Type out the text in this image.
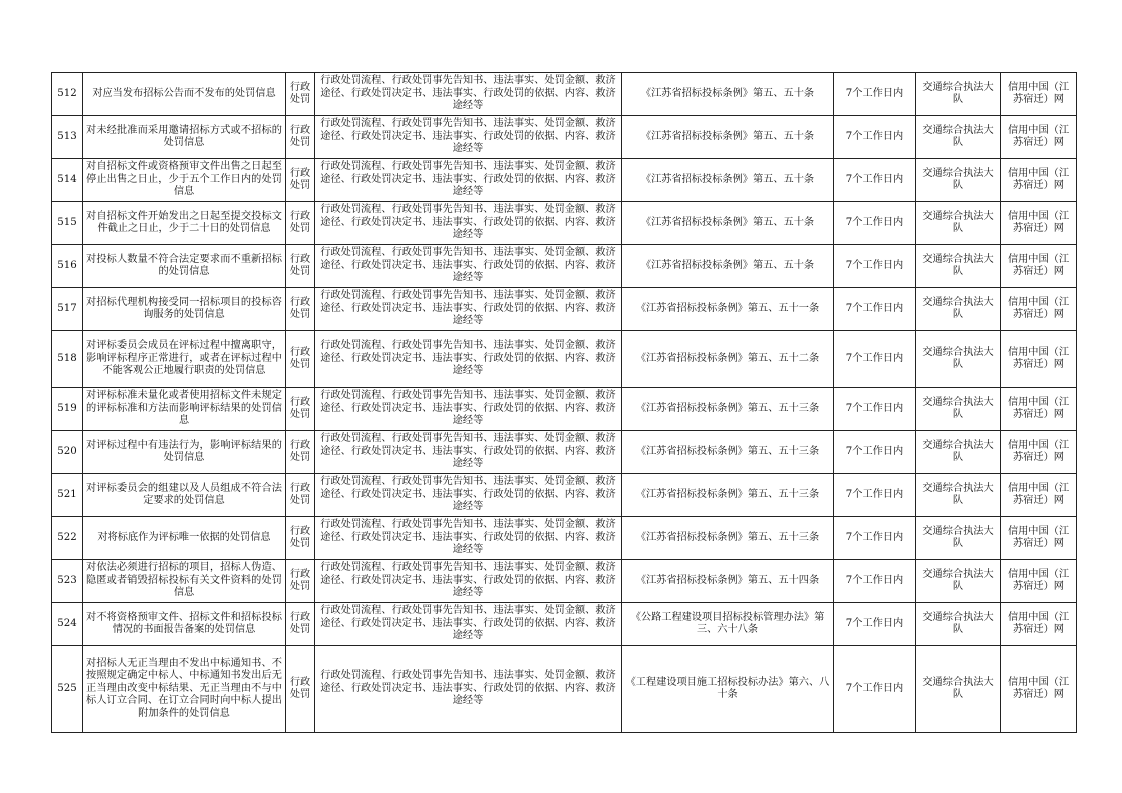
512	对应当发布招标公告而不发布的处罚信息	行政处罚	行政处罚流程、行政处罚事先告知书、违法事实、处罚金额、救济途径、行政处罚决定书、违法事实、行政处罚的依据、内容、救济途经等	《江苏省招标投标条例》第五、五十条	7个工作日内	交通综合执法大队	信用中国（江苏宿迁）网
513	对未经批准而采用邀请招标方式或不招标的处罚信息	行政处罚	行政处罚流程、行政处罚事先告知书、违法事实、处罚金额、救济途径、行政处罚决定书、违法事实、行政处罚的依据、内容、救济途经等	《江苏省招标投标条例》第五、五十条	7个工作日内	交通综合执法大队	信用中国（江苏宿迁）网
514	对自招标文件或资格预审文件出售之日起至停止出售之日止，少于五个工作日内的处罚信息	行政处罚	行政处罚流程、行政处罚事先告知书、违法事实、处罚金额、救济途径、行政处罚决定书、违法事实、行政处罚的依据、内容、救济途经等	《江苏省招标投标条例》第五、五十条	7个工作日内	交通综合执法大队	信用中国（江苏宿迁）网
515	对自招标文件开始发出之日起至提交投标文件截止之日止，少于二十日的处罚信息	行政处罚	行政处罚流程、行政处罚事先告知书、违法事实、处罚金额、救济途径、行政处罚决定书、违法事实、行政处罚的依据、内容、救济途经等	《江苏省招标投标条例》第五、五十条	7个工作日内	交通综合执法大队	信用中国（江苏宿迁）网
516	对投标人数量不符合法定要求而不重新招标的处罚信息	行政处罚	行政处罚流程、行政处罚事先告知书、违法事实、处罚金额、救济途径、行政处罚决定书、违法事实、行政处罚的依据、内容、救济途经等	《江苏省招标投标条例》第五、五十条	7个工作日内	交通综合执法大队	信用中国（江苏宿迁）网
517	对招标代理机构接受同一招标项目的投标咨询服务的处罚信息	行政处罚	行政处罚流程、行政处罚事先告知书、违法事实、处罚金额、救济途径、行政处罚决定书、违法事实、行政处罚的依据、内容、救济途经等	《江苏省招标投标条例》第五、五十一条	7个工作日内	交通综合执法大队	信用中国（江苏宿迁）网
518	对评标委员会成员在评标过程中擅离职守，影响评标程序正常进行，或者在评标过程中不能客观公正地履行职责的处罚信息	行政处罚	行政处罚流程、行政处罚事先告知书、违法事实、处罚金额、救济途径、行政处罚决定书、违法事实、行政处罚的依据、内容、救济途经等	《江苏省招标投标条例》第五、五十二条	7个工作日内	交通综合执法大队	信用中国（江苏宿迁）网
519	对评标标准未量化或者使用招标文件未规定的评标标准和方法而影响评标结果的处罚信息	行政处罚	行政处罚流程、行政处罚事先告知书、违法事实、处罚金额、救济途径、行政处罚决定书、违法事实、行政处罚的依据、内容、救济途经等	《江苏省招标投标条例》第五、五十三条	7个工作日内	交通综合执法大队	信用中国（江苏宿迁）网
520	对评标过程中有违法行为，影响评标结果的处罚信息	行政处罚	行政处罚流程、行政处罚事先告知书、违法事实、处罚金额、救济途径、行政处罚决定书、违法事实、行政处罚的依据、内容、救济途经等	《江苏省招标投标条例》第五、五十三条	7个工作日内	交通综合执法大队	信用中国（江苏宿迁）网
521	对评标委员会的组建以及人员组成不符合法定要求的处罚信息	行政处罚	行政处罚流程、行政处罚事先告知书、违法事实、处罚金额、救济途径、行政处罚决定书、违法事实、行政处罚的依据、内容、救济途经等	《江苏省招标投标条例》第五、五十三条	7个工作日内	交通综合执法大队	信用中国（江苏宿迁）网
522	对将标底作为评标唯一依据的处罚信息	行政处罚	行政处罚流程、行政处罚事先告知书、违法事实、处罚金额、救济途径、行政处罚决定书、违法事实、行政处罚的依据、内容、救济途经等	《江苏省招标投标条例》第五、五十三条	7个工作日内	交通综合执法大队	信用中国（江苏宿迁）网
523	对依法必须进行招标的项目，招标人伪造、隐匿或者销毁招标投标有关文件资料的处罚信息	行政处罚	行政处罚流程、行政处罚事先告知书、违法事实、处罚金额、救济途径、行政处罚决定书、违法事实、行政处罚的依据、内容、救济途经等	《江苏省招标投标条例》第五、五十四条	7个工作日内	交通综合执法大队	信用中国（江苏宿迁）网
524	对不将资格预审文件、招标文件和招标投标情况的书面报告备案的处罚信息	行政处罚	行政处罚流程、行政处罚事先告知书、违法事实、处罚金额、救济途径、行政处罚决定书、违法事实、行政处罚的依据、内容、救济途经等	《公路工程建设项目招标投标管理办法》第三、六十八条	7个工作日内	交通综合执法大队	信用中国（江苏宿迁）网
525	对招标人无正当理由不发出中标通知书、不按照规定确定中标人、中标通知书发出后无正当理由改变中标结果、无正当理由不与中标人订立合同、在订立合同时向中标人提出附加条件的处罚信息	行政处罚	行政处罚流程、行政处罚事先告知书、违法事实、处罚金额、救济途径、行政处罚决定书、违法事实、行政处罚的依据、内容、救济途经等	《工程建设项目施工招标投标办法》第六、八十条	7个工作日内	交通综合执法大队	信用中国（江苏宿迁）网
